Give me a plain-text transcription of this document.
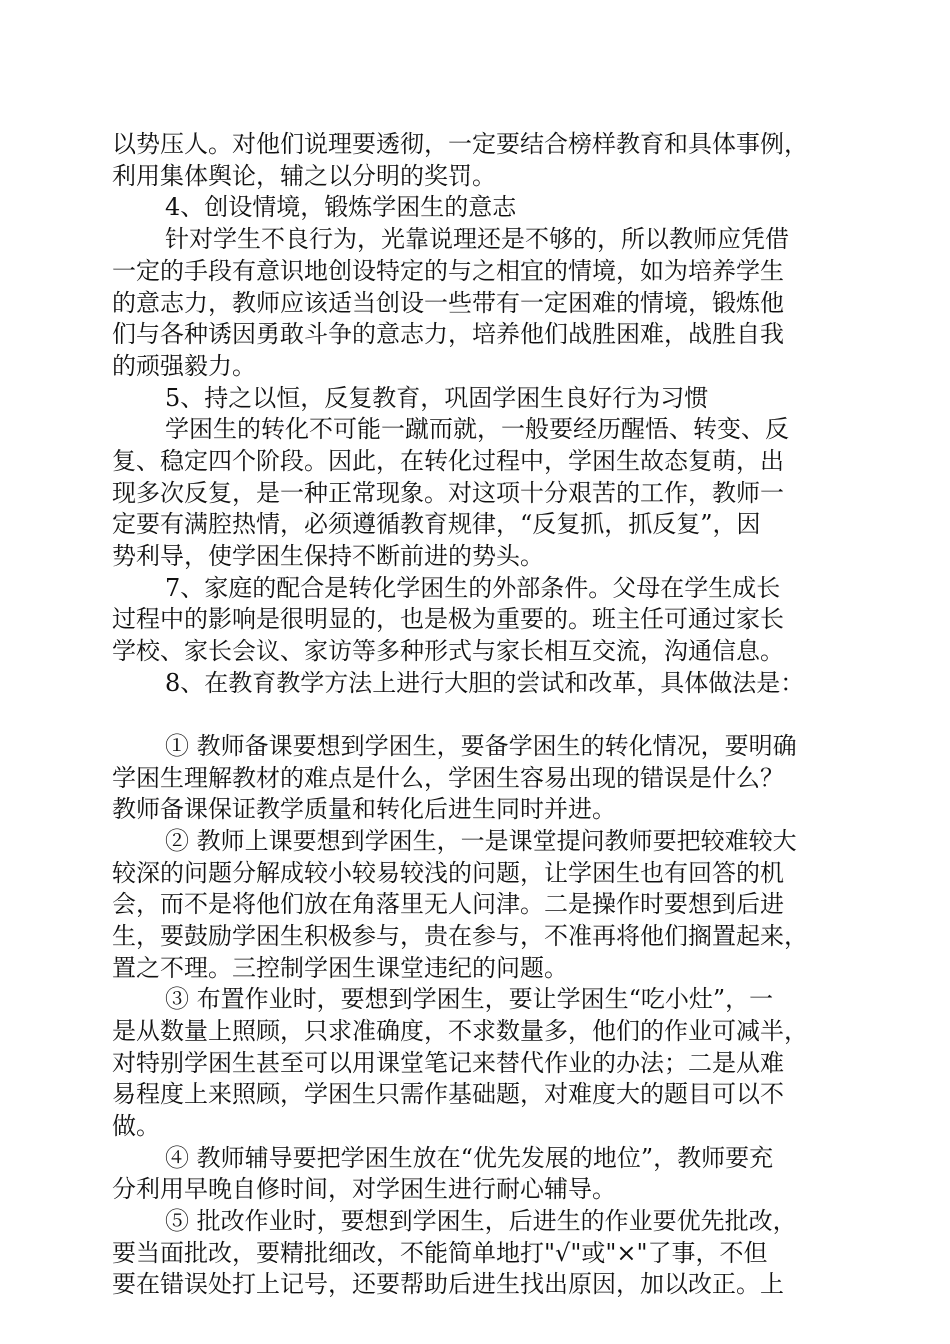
以势压人。对他们说理要透彻，一定要结合榜样教育和具体事例，
利用集体舆论，辅之以分明的奖罚。
4、创设情境，锻炼学困生的意志
针对学生不良行为，光靠说理还是不够的，所以教师应凭借
一定的手段有意识地创设特定的与之相宜的情境，如为培养学生
的意志力，教师应该适当创设一些带有一定困难的情境，锻炼他
们与各种诱因勇敢斗争的意志力，培养他们战胜困难，战胜自我
的顽强毅力。
5、持之以恒，反复教育，巩固学困生良好行为习惯
学困生的转化不可能一蹴而就，一般要经历醒悟、转变、反
复、稳定四个阶段。因此，在转化过程中，学困生故态复萌，出
现多次反复，是一种正常现象。对这项十分艰苦的工作，教师一
定要有满腔热情，必须遵循教育规律，“反复抓，抓反复”，因
势利导，使学困生保持不断前进的势头。
7、家庭的配合是转化学困生的外部条件。父母在学生成长
过程中的影响是很明显的，也是极为重要的。班主任可通过家长
学校、家长会议、家访等多种形式与家长相互交流，沟通信息。
8、在教育教学方法上进行大胆的尝试和改革，具体做法是：
① 教师备课要想到学困生，要备学困生的转化情况，要明确
学困生理解教材的难点是什么，学困生容易出现的错误是什么？
教师备课保证教学质量和转化后进生同时并进。
② 教师上课要想到学困生，一是课堂提问教师要把较难较大
较深的问题分解成较小较易较浅的问题，让学困生也有回答的机
会，而不是将他们放在角落里无人问津。二是操作时要想到后进
生，要鼓励学困生积极参与，贵在参与，不准再将他们搁置起来，
置之不理。三控制学困生课堂违纪的问题。
③ 布置作业时，要想到学困生，要让学困生“吃小灶”，一
是从数量上照顾，只求准确度，不求数量多，他们的作业可减半，
对特别学困生甚至可以用课堂笔记来替代作业的办法；二是从难
易程度上来照顾，学困生只需作基础题，对难度大的题目可以不
做。
④ 教师辅导要把学困生放在“优先发展的地位”，教师要充
分利用早晚自修时间，对学困生进行耐心辅导。
⑤ 批改作业时，要想到学困生，后进生的作业要优先批改，
要当面批改，要精批细改，不能简单地打"√"或"×"了事，不但
要在错误处打上记号，还要帮助后进生找出原因，加以改正。上
